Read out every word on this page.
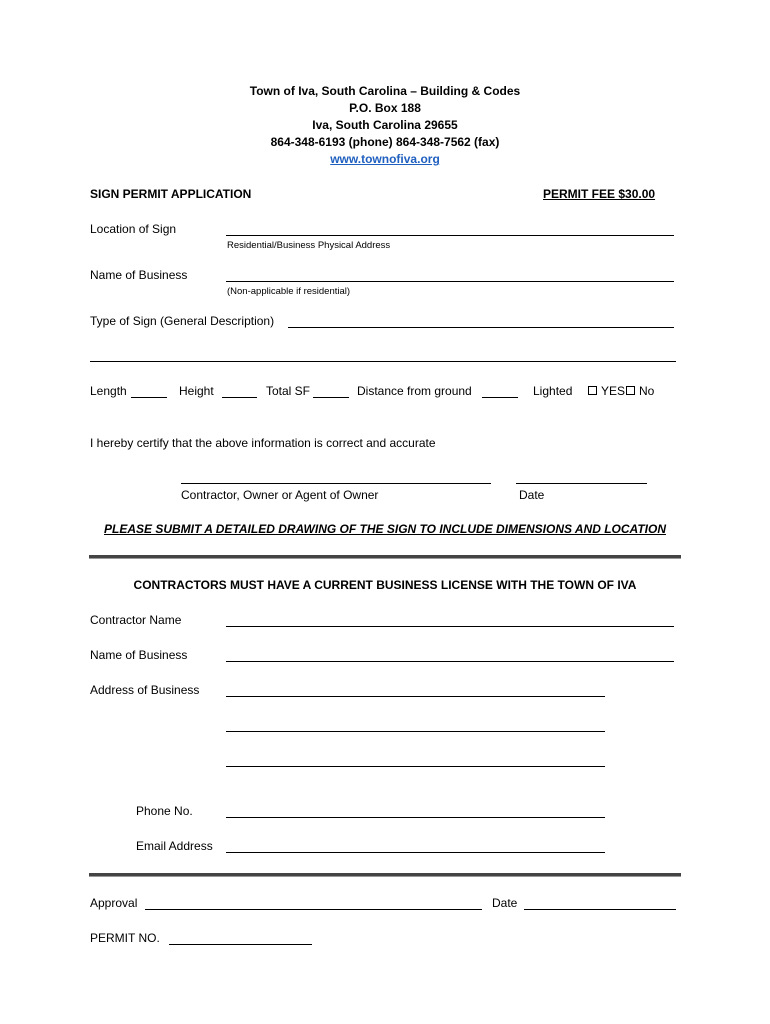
Town of Iva, South Carolina – Building & Codes
P.O. Box 188
Iva, South Carolina 29655
864-348-6193 (phone) 864-348-7562 (fax)
www.townofiva.org
SIGN PERMIT APPLICATION	PERMIT FEE $30.00
Location of Sign
Residential/Business Physical Address
Name of Business
(Non-applicable if residential)
Type of Sign (General Description)
Length	Height	Total SF	Distance from ground	Lighted	YES	No
I hereby certify that the above information is correct and accurate
Contractor, Owner or Agent of Owner	Date
PLEASE SUBMIT A DETAILED DRAWING OF THE SIGN TO INCLUDE DIMENSIONS AND LOCATION
CONTRACTORS MUST HAVE A CURRENT BUSINESS LICENSE WITH THE TOWN OF IVA
Contractor Name
Name of Business
Address of Business
Phone No.
Email Address
Approval	Date
PERMIT NO.
